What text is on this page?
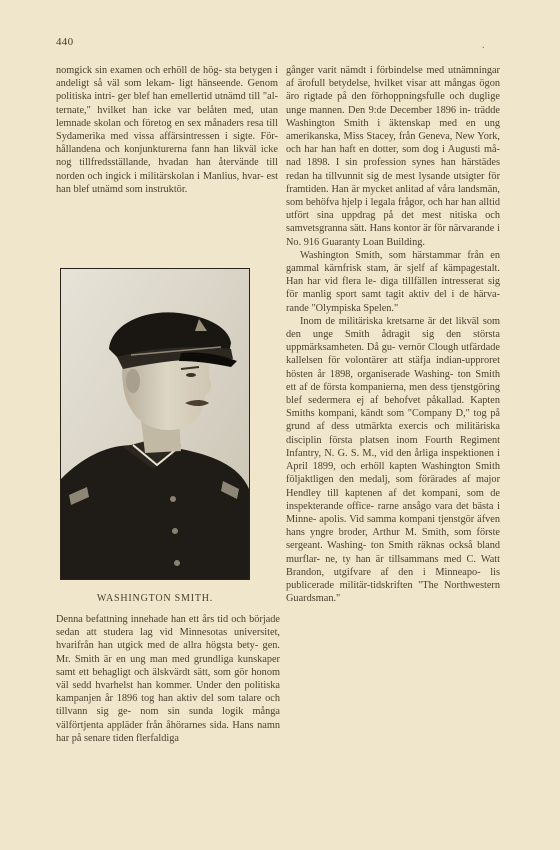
440	.

nomgick sin examen och erhöll de hög- sta betygen i andeligt så väl som lekam- ligt hänseende. Genom politiska intri- ger blef han emellertid utnämd till "al- ternate," hvilket han icke var belåten med, utan lemnade skolan och företog en sex månaders resa till Sydamerika med vissa affärsintressen i sigte. För- hållandena och konjunkturerna fann han likväl icke nog tillfredsställande, hvadan han återvände till norden och ingick i militärskolan i Manlius, hvar- est han blef utnämd som instruktör.

WASHINGTON SMITH.

Denna befattning innehade han ett års tid och började sedan att studera lag vid Minnesotas universitet, hvarifrån han utgick med de allra högsta bety- gen. Mr. Smith är en ung man med grundliga kunskaper samt ett behagligt och älskvärdt sätt, som gör honom väl sedd hvarhelst han kommer. Under den politiska kampanjen år 1896 tog han aktiv del som talare och tillvann sig ge- nom sin sunda logik många välförtjenta appläder från åhörarnes sida. Hans namn har på senare tiden flerfaldiga

gånger varit nämdt i förbindelse med utnämningar af ärofull betydelse, hvilket visar att mångas ögon äro rigtade på den förhoppningsfulle och duglige unge mannen. Den 9:de December 1896 in- trädde Washington Smith i äktenskap med en ung amerikanska, Miss Stacey, från Geneva, New York, och har han haft en dotter, som dog i Augusti må- nad 1898. I sin profession synes han härstädes redan ha tillvunnit sig de mest lysande utsigter för framtiden. Han är mycket anlitad af våra landsmän, som behöfva hjelp i legala frågor, och har han alltid utfört sina uppdrag på det mest nitiska och samvetsgranna sätt. Hans kontor är för närvarande i No. 916 Guaranty Loan Building.

Washington Smith, som härstammar från en gammal kärnfrisk stam, är sjelf af kämpagestalt. Han har vid flera le- diga tillfällen intresserat sig för manlig sport samt tagit aktiv del i de härva- rande "Olympiska Spelen."

Inom de militäriska kretsarne är det likväl som den unge Smith ådragit sig den största uppmärksamheten. Då gu- vernör Clough utfärdade kallelsen för volontärer att stäfja indian-upproret hösten år 1898, organiserade Washing- ton Smith ett af de första kompanierna, men dess tjenstgöring blef sedermera ej af behofvet påkallad. Kapten Smiths kompani, kändt som "Company D," tog på grund af dess utmärkta exercis och militäriska disciplin första platsen inom Fourth Regiment Infantry, N. G. S. M., vid den årliga inspektionen i April 1899, och erhöll kapten Washington Smith följaktligen den medalj, som förärades af major Hendley till kaptenen af det kompani, som de inspekterande office- rarne ansågo vara det bästa i Minne- apolis. Vid samma kompani tjenstgör äfven hans yngre broder, Arthur M. Smith, som förste sergeant. Washing- ton Smith räknas också bland murflar- ne, ty han är tillsammans med C. Watt Brandon, utgifvare af den i Minneapo- lis publicerade militär-tidskriften "The Northwestern Guardsman."
